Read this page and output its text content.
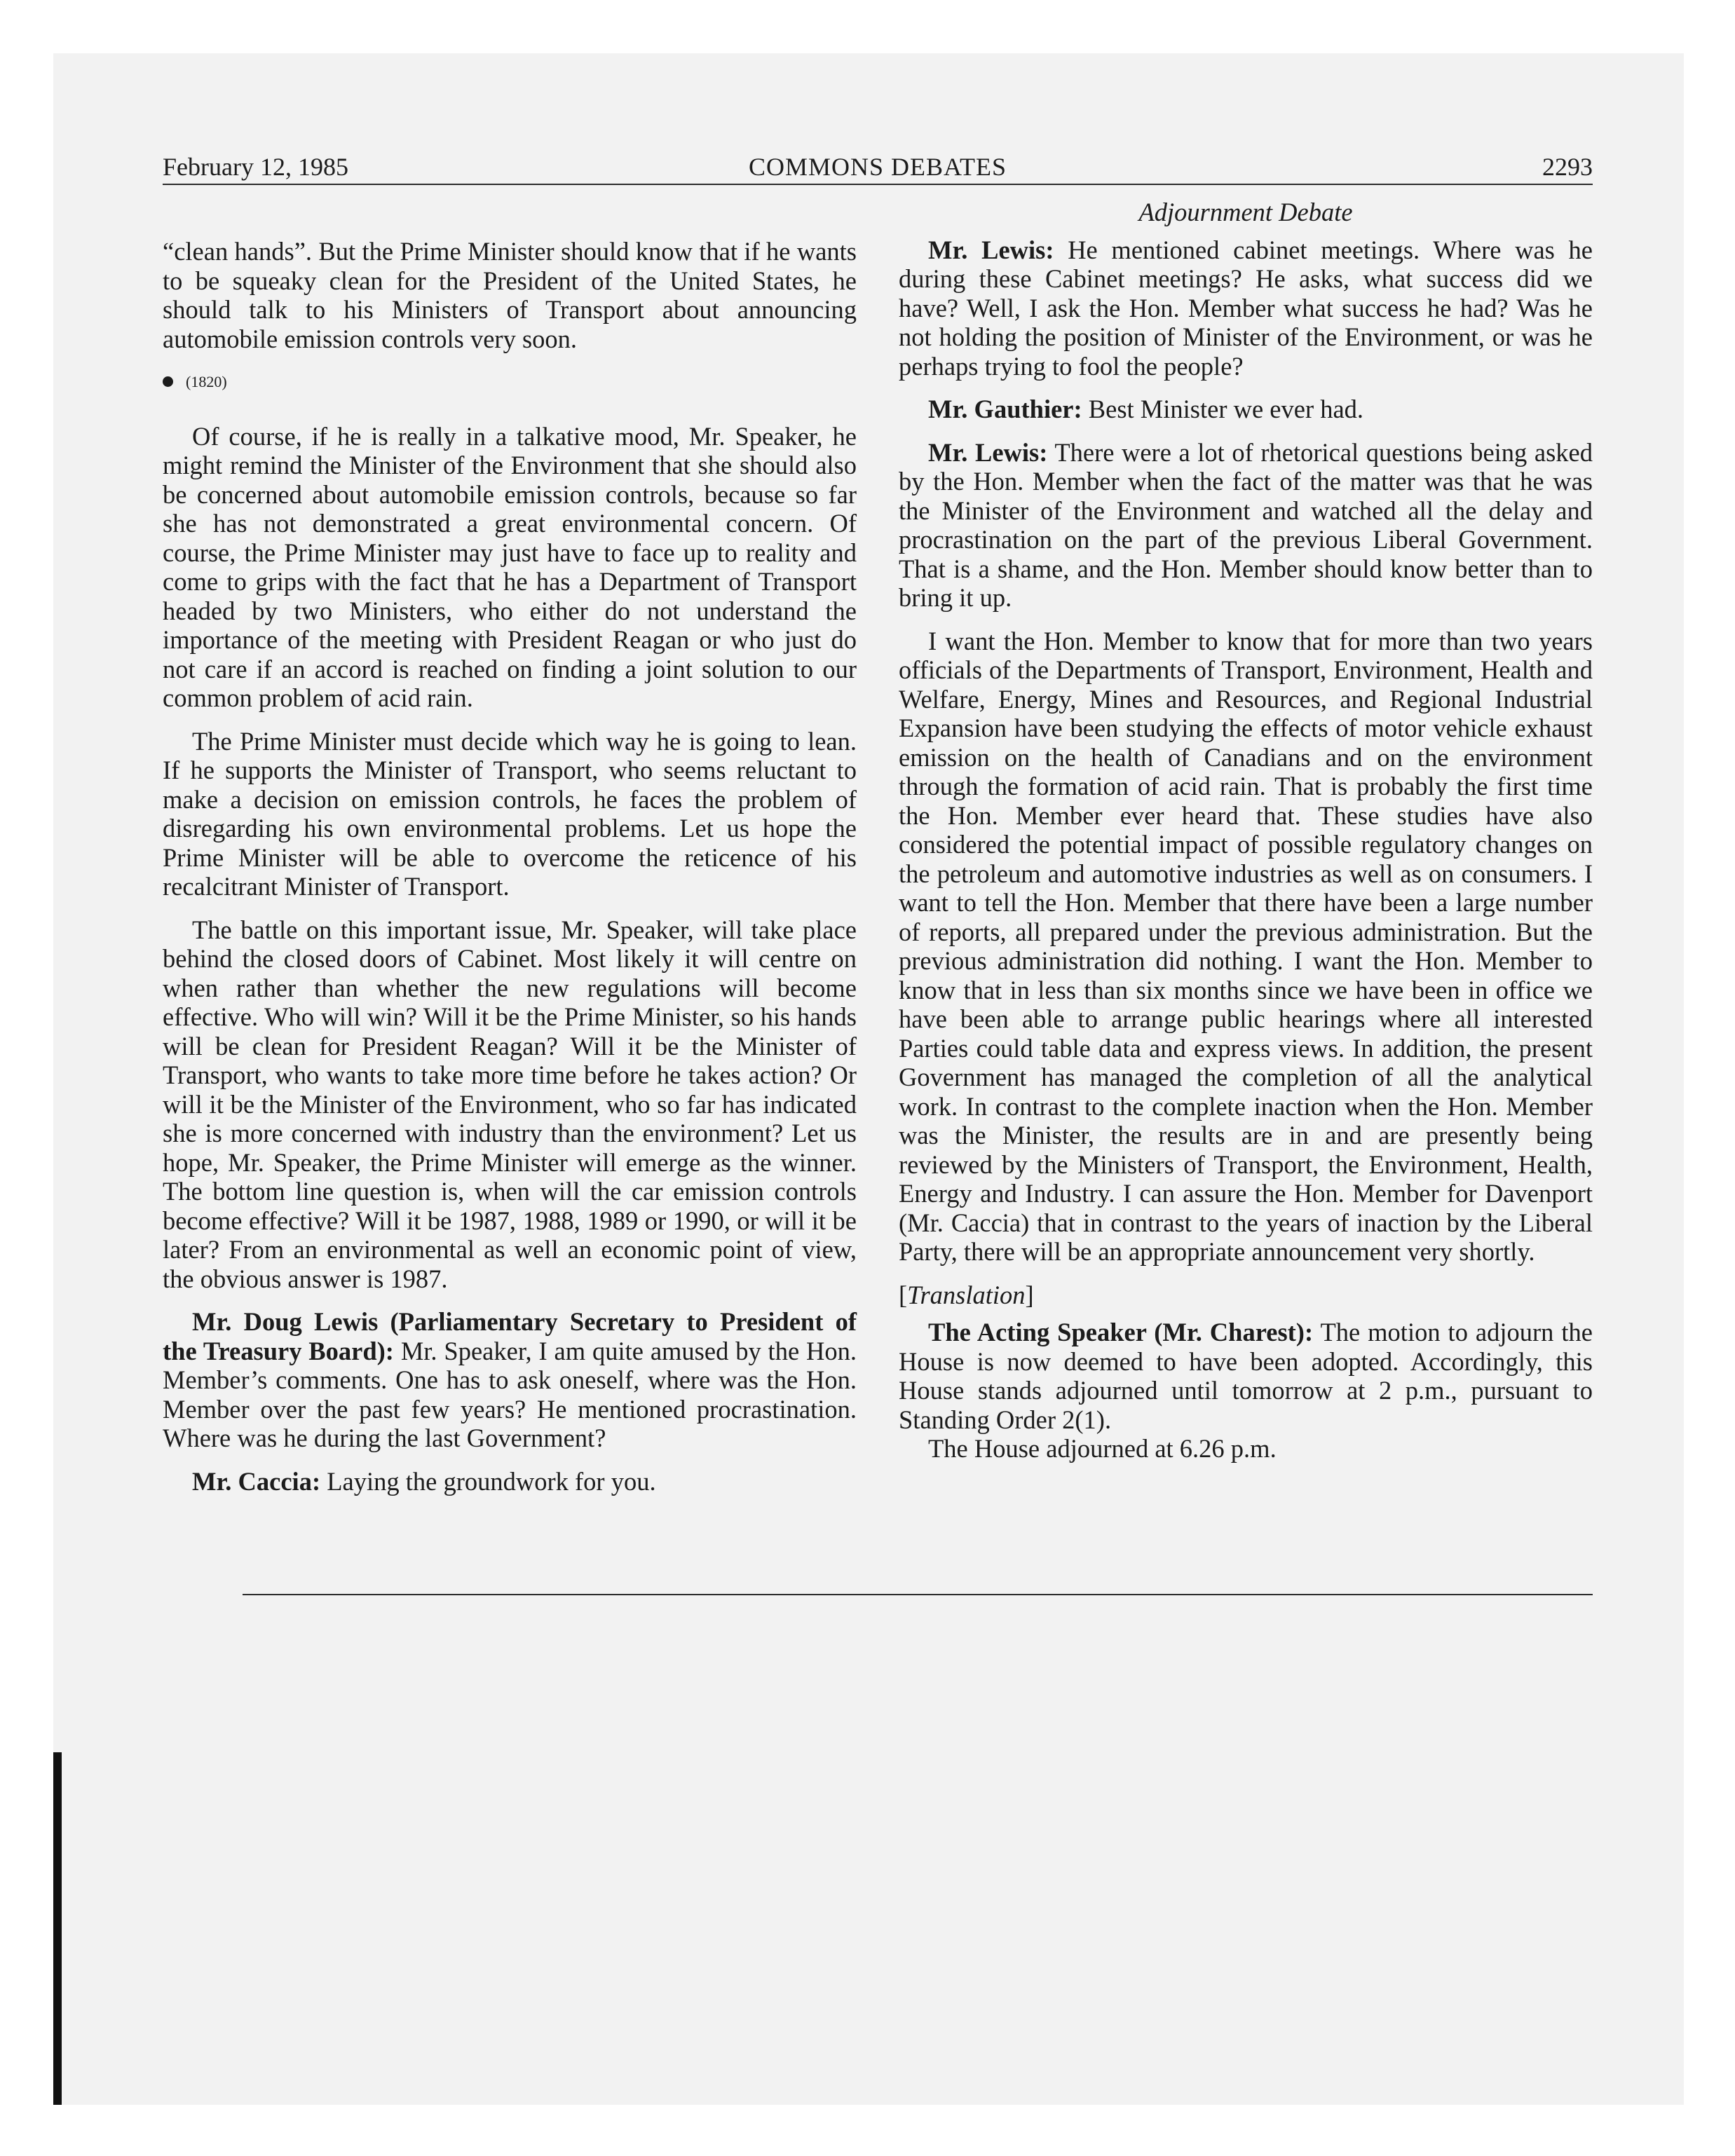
February 12, 1985	COMMONS DEBATES	2293

“clean hands”. But the Prime Minister should know that if he wants to be squeaky clean for the President of the United States, he should talk to his Ministers of Transport about announcing automobile emission controls very soon.

(1820)

Of course, if he is really in a talkative mood, Mr. Speaker, he might remind the Minister of the Environment that she should also be concerned about automobile emission controls, because so far she has not demonstrated a great environmental concern. Of course, the Prime Minister may just have to face up to reality and come to grips with the fact that he has a Department of Transport headed by two Ministers, who either do not understand the importance of the meeting with President Reagan or who just do not care if an accord is reached on finding a joint solution to our common problem of acid rain.

The Prime Minister must decide which way he is going to lean. If he supports the Minister of Transport, who seems reluctant to make a decision on emission controls, he faces the problem of disregarding his own environmental problems. Let us hope the Prime Minister will be able to overcome the reticence of his recalcitrant Minister of Transport.

The battle on this important issue, Mr. Speaker, will take place behind the closed doors of Cabinet. Most likely it will centre on when rather than whether the new regulations will become effective. Who will win? Will it be the Prime Minister, so his hands will be clean for President Reagan? Will it be the Minister of Transport, who wants to take more time before he takes action? Or will it be the Minister of the Environment, who so far has indicated she is more concerned with industry than the environment? Let us hope, Mr. Speaker, the Prime Minister will emerge as the winner. The bottom line question is, when will the car emission controls become effective? Will it be 1987, 1988, 1989 or 1990, or will it be later? From an environmental as well an economic point of view, the obvious answer is 1987.

Mr. Doug Lewis (Parliamentary Secretary to President of the Treasury Board): Mr. Speaker, I am quite amused by the Hon. Member’s comments. One has to ask oneself, where was the Hon. Member over the past few years? He mentioned procrastination. Where was he during the last Government?

Mr. Caccia: Laying the groundwork for you.

Adjournment Debate

Mr. Lewis: He mentioned cabinet meetings. Where was he during these Cabinet meetings? He asks, what success did we have? Well, I ask the Hon. Member what success he had? Was he not holding the position of Minister of the Environment, or was he perhaps trying to fool the people?

Mr. Gauthier: Best Minister we ever had.

Mr. Lewis: There were a lot of rhetorical questions being asked by the Hon. Member when the fact of the matter was that he was the Minister of the Environment and watched all the delay and procrastination on the part of the previous Liberal Government. That is a shame, and the Hon. Member should know better than to bring it up.

I want the Hon. Member to know that for more than two years officials of the Departments of Transport, Environment, Health and Welfare, Energy, Mines and Resources, and Regional Industrial Expansion have been studying the effects of motor vehicle exhaust emission on the health of Canadians and on the environment through the formation of acid rain. That is probably the first time the Hon. Member ever heard that. These studies have also considered the potential impact of possible regulatory changes on the petroleum and automotive industries as well as on consumers. I want to tell the Hon. Member that there have been a large number of reports, all prepared under the previous administration. But the previous administration did nothing. I want the Hon. Member to know that in less than six months since we have been in office we have been able to arrange public hearings where all interested Parties could table data and express views. In addition, the present Government has managed the completion of all the analytical work. In contrast to the complete inaction when the Hon. Member was the Minister, the results are in and are presently being reviewed by the Ministers of Transport, the Environment, Health, Energy and Industry. I can assure the Hon. Member for Davenport (Mr. Caccia) that in contrast to the years of inaction by the Liberal Party, there will be an appropriate announcement very shortly.

[Translation]

The Acting Speaker (Mr. Charest): The motion to adjourn the House is now deemed to have been adopted. Accordingly, this House stands adjourned until tomorrow at 2 p.m., pursuant to Standing Order 2(1).

The House adjourned at 6.26 p.m.
